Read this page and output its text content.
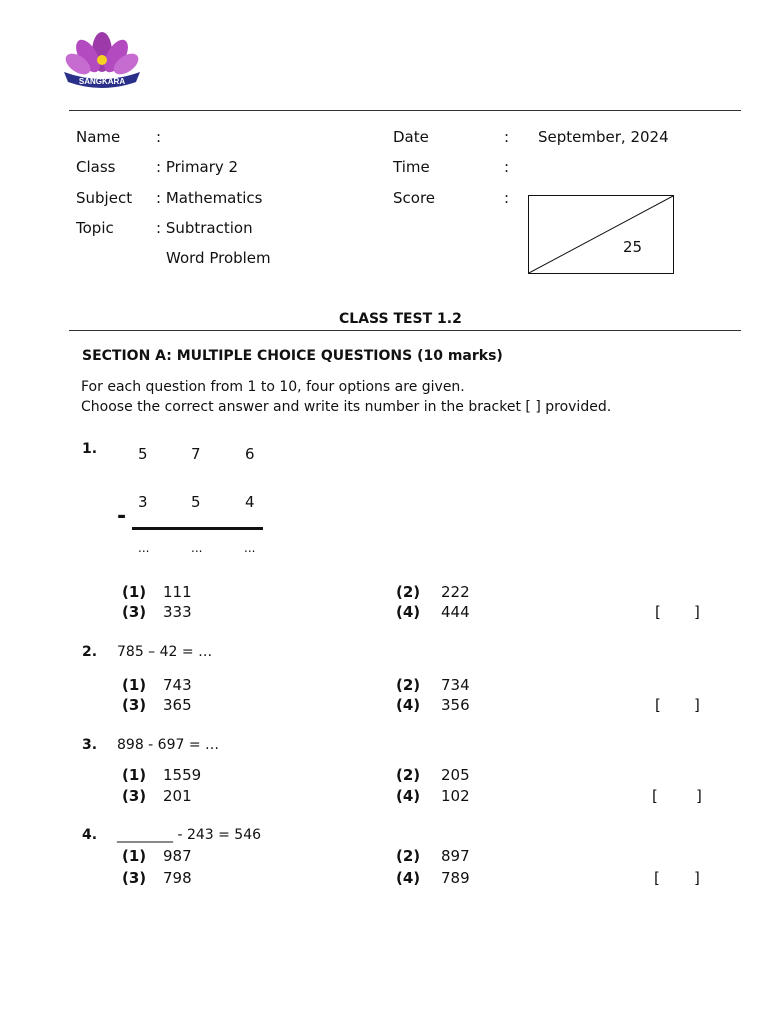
SANGKARA
Name :
Class	: Primary 2
Subject : Mathematics
Topic	: Subtraction
Word Problem
Date	: September, 2024
Time	:
Score	:
25
CLASS TEST 1.2
SECTION A: MULTIPLE CHOICE QUESTIONS (10 marks)
For each question from 1 to 10, four options are given.
Choose the correct answer and write its number in the bracket [ ] provided.
1.	5	7	6
3	5	4
-
...	...	...
(1) 111	(2) 222
(3) 333	(4) 444	[ ]
2. 785 – 42 = …
(1) 743	(2) 734
(3) 365	(4) 356	[ ]
3. 898 - 697 = …
(1) 1559	(2) 205
(3) 201	(4) 102	[	]
4. ________ - 243 = 546
(1) 987	(2) 897
(3) 798	(4) 789	[ ]
